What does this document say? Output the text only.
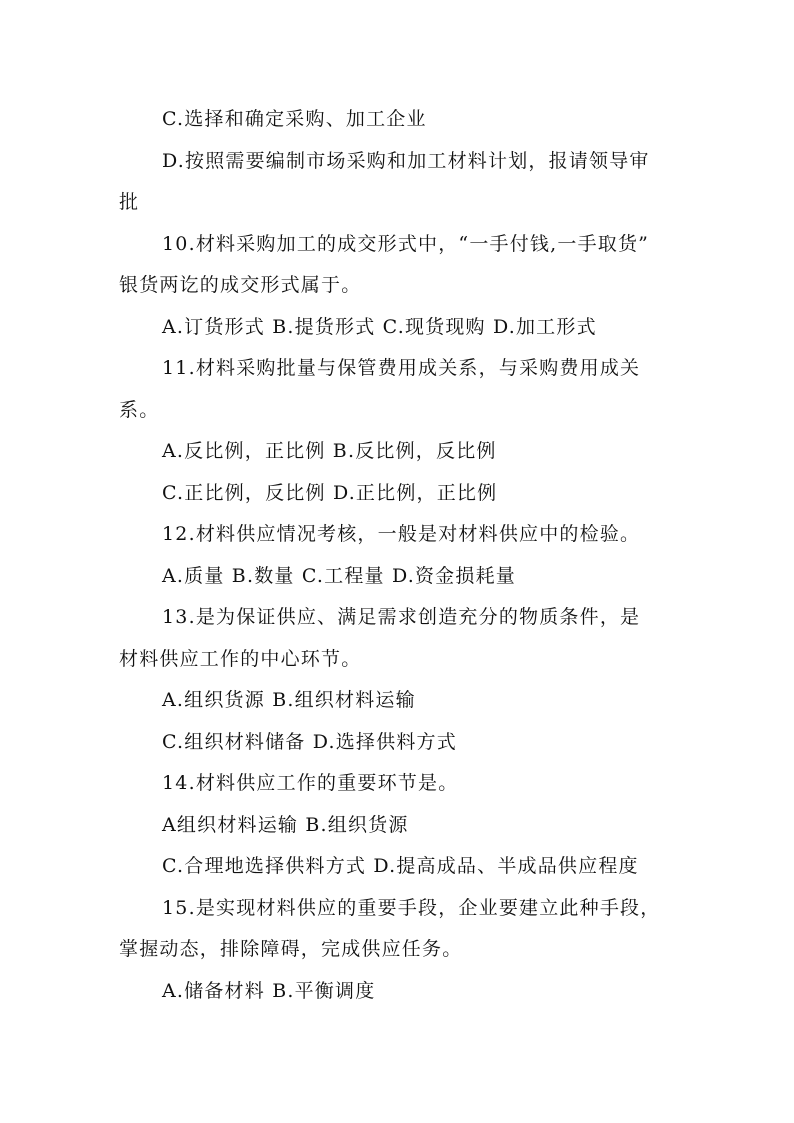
C.选择和确定采购、加工企业
D.按照需要编制市场采购和加工材料计划，报请领导审
批
10.材料采购加工的成交形式中，“一手付钱,一手取货”
银货两讫的成交形式属于。
A.订货形式 B.提货形式 C.现货现购 D.加工形式
11.材料采购批量与保管费用成关系，与采购费用成关
系。
A.反比例，正比例 B.反比例，反比例
C.正比例，反比例 D.正比例，正比例
12.材料供应情况考核，一般是对材料供应中的检验。
A.质量 B.数量 C.工程量 D.资金损耗量
13.是为保证供应、满足需求创造充分的物质条件，是
材料供应工作的中心环节。
A.组织货源 B.组织材料运输
C.组织材料储备 D.选择供料方式
14.材料供应工作的重要环节是。
A组织材料运输 B.组织货源
C.合理地选择供料方式 D.提高成品、半成品供应程度
15.是实现材料供应的重要手段，企业要建立此种手段，
掌握动态，排除障碍，完成供应任务。
A.储备材料 B.平衡调度
